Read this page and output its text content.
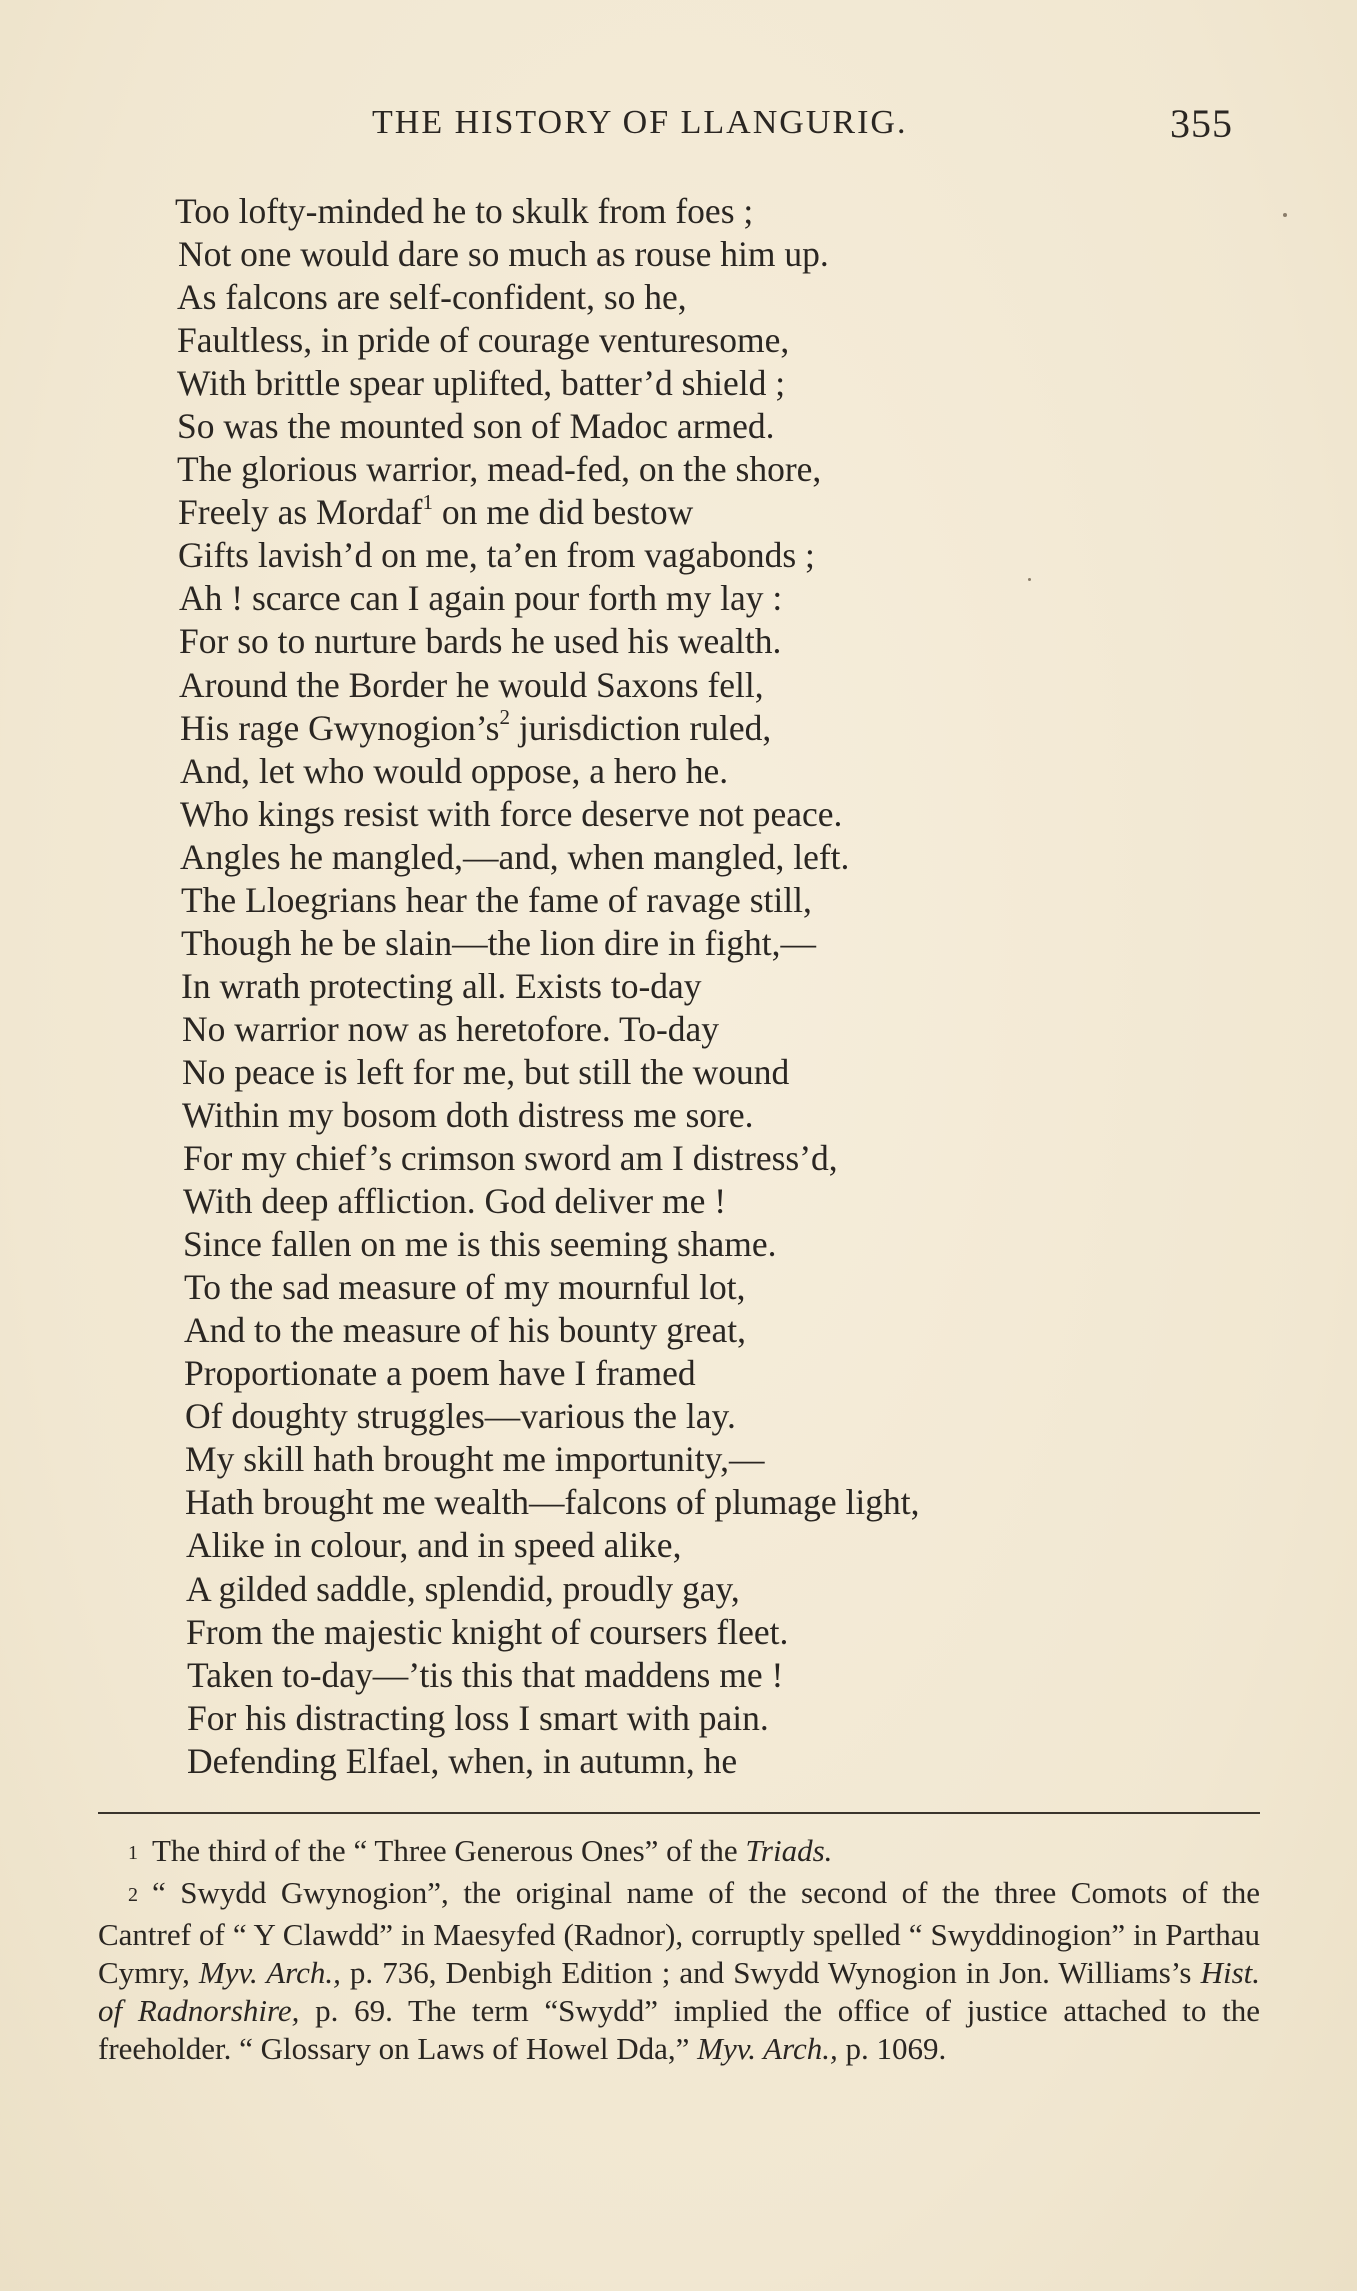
THE HISTORY OF LLANGURIG.	355
Too lofty-minded he to skulk from foes ;
Not one would dare so much as rouse him up.
As falcons are self-confident, so he,
Faultless, in pride of courage venturesome,
With brittle spear uplifted, batter’d shield ;
So was the mounted son of Madoc armed.
The glorious warrior, mead-fed, on the shore,
Freely as Mordaf$^1$ on me did bestow
Gifts lavish’d on me, ta’en from vagabonds ;
Ah ! scarce can I again pour forth my lay :
For so to nurture bards he used his wealth.
Around the Border he would Saxons fell,
His rage $Gwynogion’s^2$ jurisdiction ruled,
And, let who would oppose, a hero he.
Who kings resist with force deserve not peace.
Angles he mangled,—and, when mangled, left.
The Lloegrians hear the fame of ravage still,
Though he be slain—the lion dire in fight,—
In wrath protecting all. Exists to-day
No warrior now as heretofore. To-day
No peace is left for me, but still the wound
Within my bosom doth distress me sore.
For my chief’s crimson sword am I distress’d,
With deep affliction. God deliver me !
Since fallen on me is this seeming shame.
To the sad measure of my mournful lot,
And to the measure of his bounty great,
Proportionate a poem have I framed
Of doughty struggles—various the lay.
My skill hath brought me importunity,—
Hath brought me wealth—falcons of plumage light,
Alike in colour, and in speed alike,
A gilded saddle, splendid, proudly gay,
From the majestic knight of coursers fleet.
Taken to-day—’tis this that maddens me !
For his distracting loss I smart with pain.
Defending Elfael, when, in autumn, he

1 The third of the “ Three Generous Ones” of the Triads.

2 “ Swydd Gwynogion”, the original name of the second of the three Comots of the Cantref of “ Y Clawdd” in Maesyfed (Radnor), corruptly spelled “ Swyddinogion” in Parthau Cymry, Myv. Arch., p. 736, Denbigh Edition ; and Swydd Wynogion in Jon. Williams’s Hist. of Radnorshire, p. 69. The term “Swydd” implied the office of justice attached to the freeholder. “ Glossary on Laws of Howel Dda,” Myv. Arch., p. 1069.
